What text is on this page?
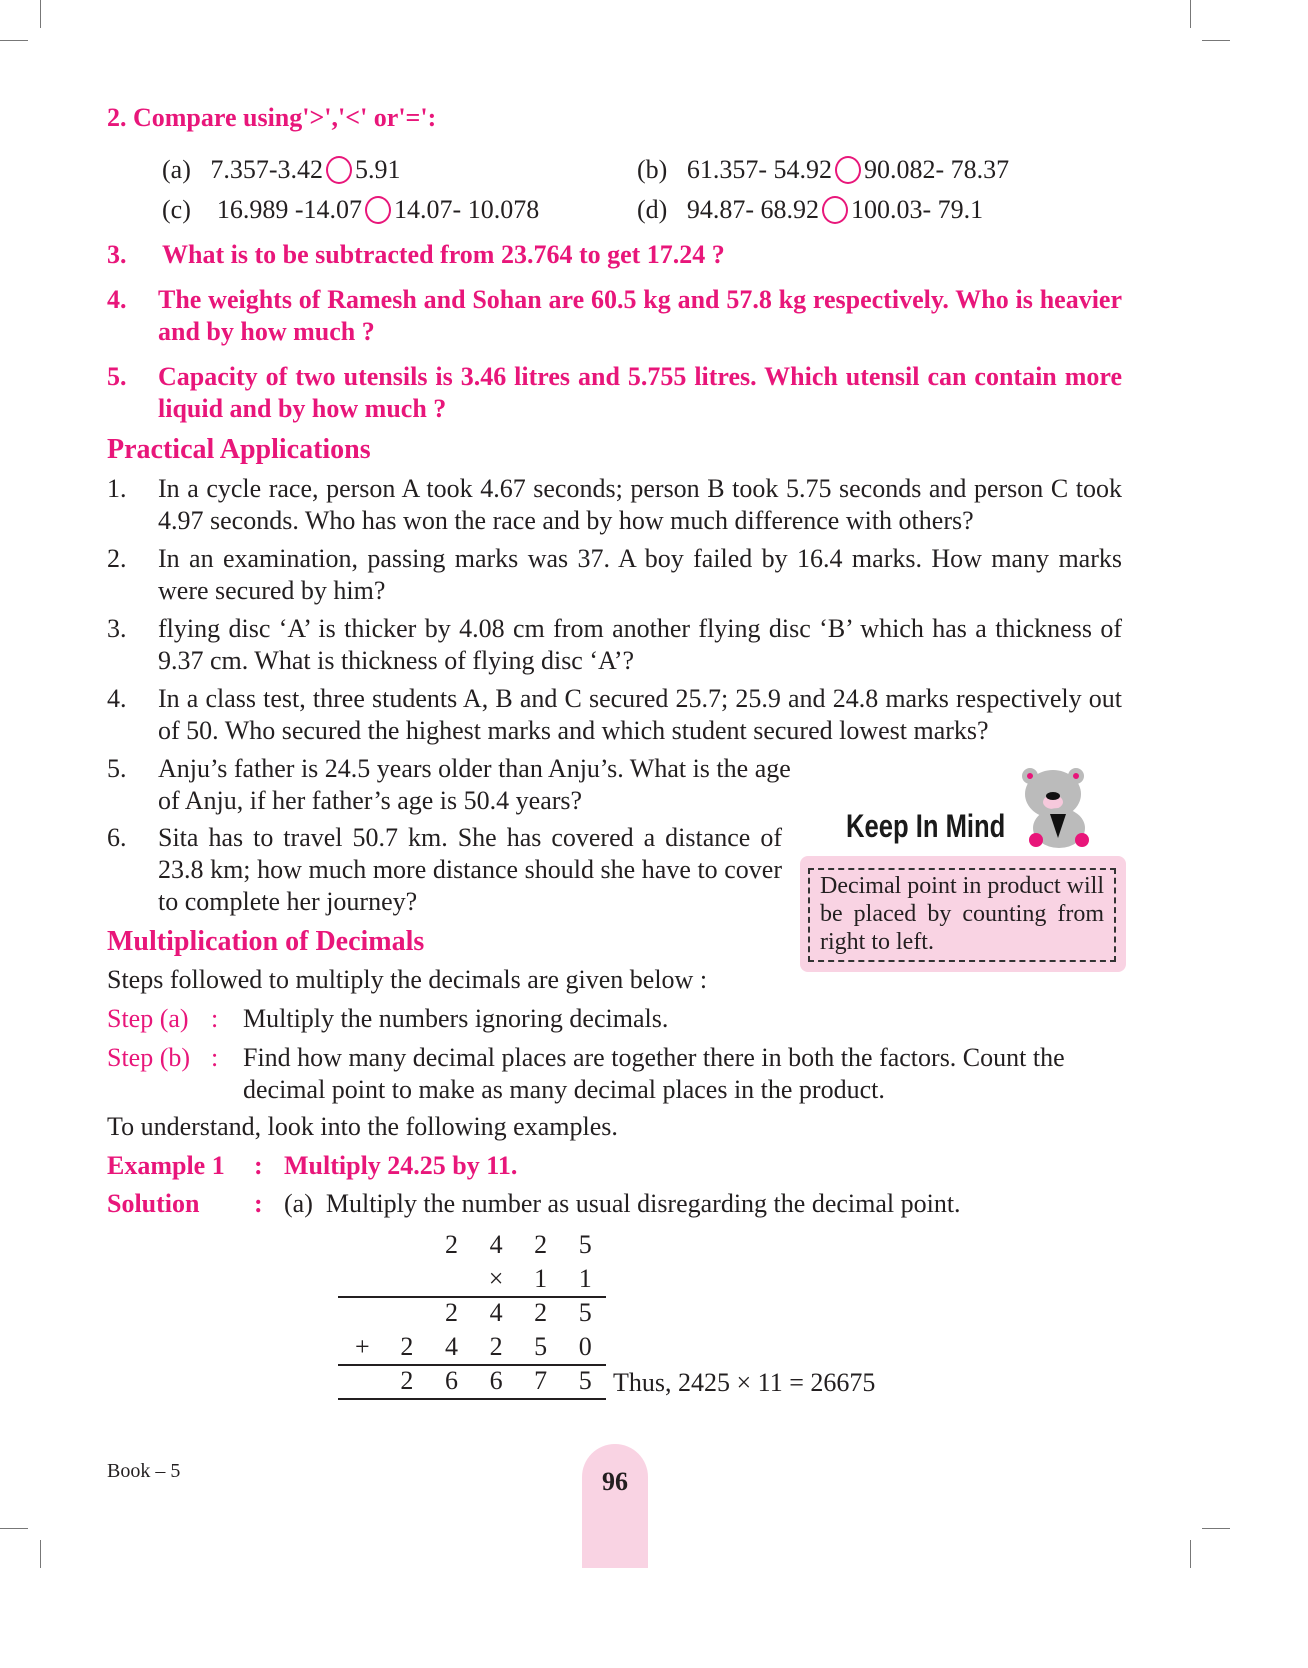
2. Compare using'>','<' or'=':
(a) 7.357-3.42 5.91	(b) 61.357- 54.92 90.082- 78.37
(c) 16.989 -14.07 14.07- 10.078	(d) 94.87- 68.92 100.03- 79.1
3. What is to be subtracted from 23.764 to get 17.24 ?
4. The weights of Ramesh and Sohan are 60.5 kg and 57.8 kg respectively. Who is heavier and by how much ?
5. Capacity of two utensils is 3.46 litres and 5.755 litres. Which utensil can contain more liquid and by how much ?
Practical Applications
1. In a cycle race, person A took 4.67 seconds; person B took 5.75 seconds and person C took 4.97 seconds. Who has won the race and by how much difference with others?
2. In an examination, passing marks was 37. A boy failed by 16.4 marks. How many marks were secured by him?
3. flying disc ‘A’ is thicker by 4.08 cm from another flying disc ‘B’ which has a thickness of 9.37 cm. What is thickness of flying disc ‘A’?
4. In a class test, three students A, B and C secured 25.7; 25.9 and 24.8 marks respectively out of 50. Who secured the highest marks and which student secured lowest marks?
5. Anju’s father is 24.5 years older than Anju’s. What is the age of Anju, if her father’s age is 50.4 years?
6. Sita has to travel 50.7 km. She has covered a distance of 23.8 km; how much more distance should she have to cover to complete her journey?
Keep In Mind
Decimal point in product will be placed by counting from right to left.
Multiplication of Decimals
Steps followed to multiply the decimals are given below :
Step (a) : Multiply the numbers ignoring decimals.
Step (b) : Find how many decimal places are together there in both the factors. Count the decimal point to make as many decimal places in the product.
To understand, look into the following examples.
Example 1 : Multiply 24.25 by 11.
Solution : (a)  Multiply the number as usual disregarding the decimal point.
		2	4	2	5
			×	1	1
		2	4	2	5
+	2	4	2	5	0
	2	6	6	7	5 Thus, 2425 × 11 = 26675
Book – 5	96
